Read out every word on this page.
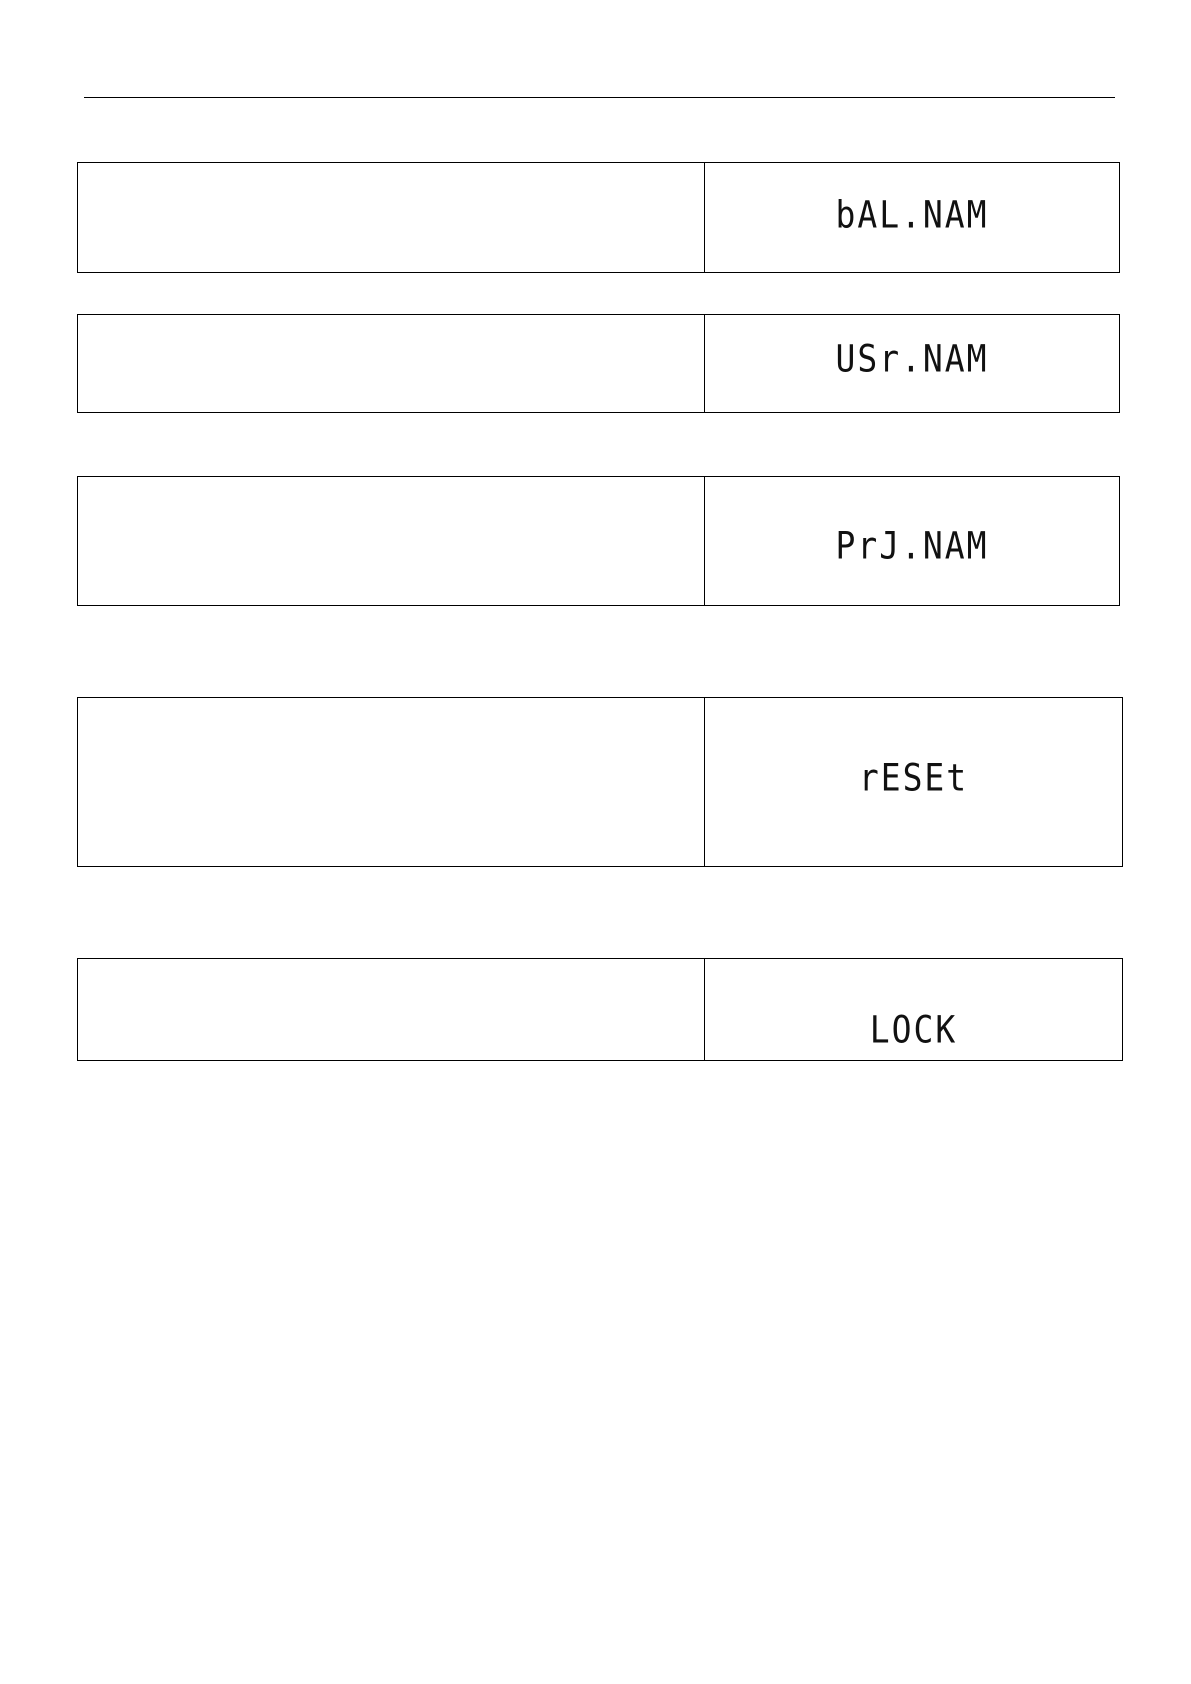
bAL.NAM
USr.NAM
PrJ.NAM
rESEt
LOCK
